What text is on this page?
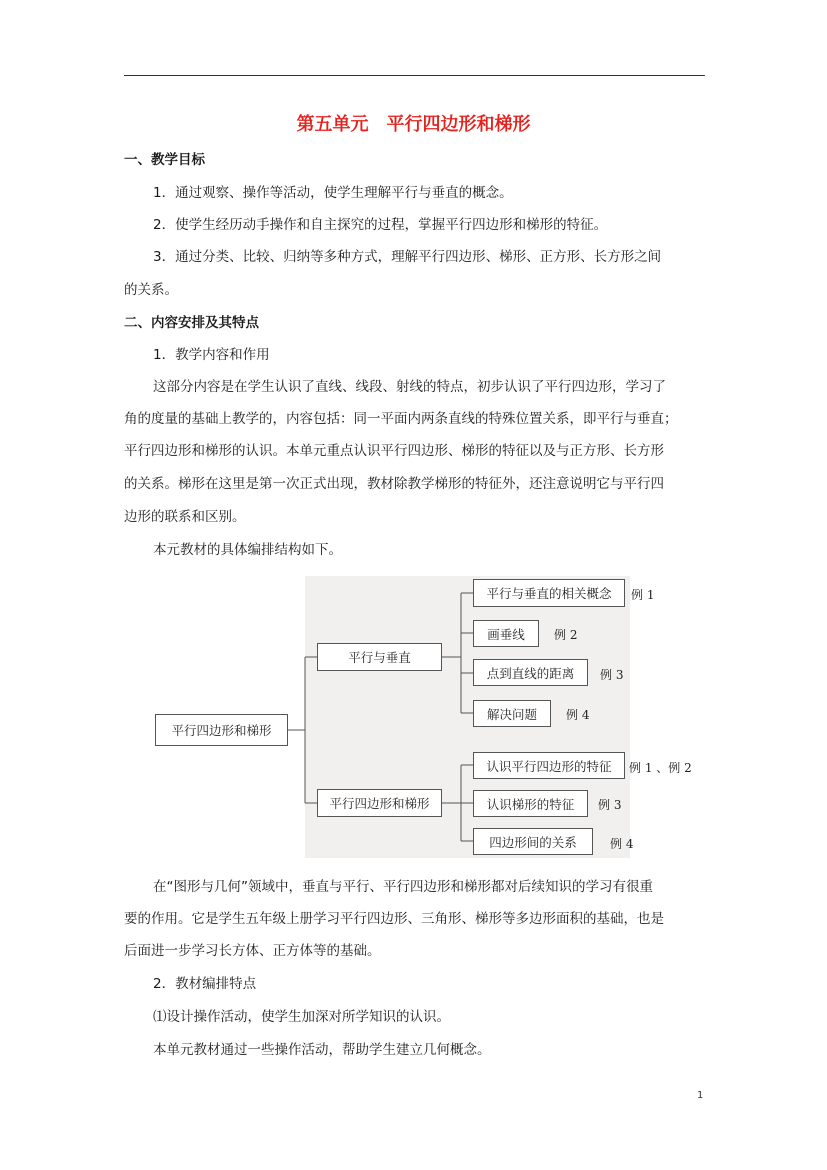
第五单元　平行四边形和梯形
一、教学目标
1．通过观察、操作等活动，使学生理解平行与垂直的概念。
2．使学生经历动手操作和自主探究的过程，掌握平行四边形和梯形的特征。
3．通过分类、比较、归纳等多种方式，理解平行四边形、梯形、正方形、长方形之间
的关系。
二、内容安排及其特点
1．教学内容和作用
这部分内容是在学生认识了直线、线段、射线的特点，初步认识了平行四边形，学习了
角的度量的基础上教学的，内容包括：同一平面内两条直线的特殊位置关系，即平行与垂直；
平行四边形和梯形的认识。本单元重点认识平行四边形、梯形的特征以及与正方形、长方形
的关系。梯形在这里是第一次正式出现，教材除教学梯形的特征外，还注意说明它与平行四
边形的联系和区别。
本元教材的具体编排结构如下。
平行四边形和梯形
平行与垂直
平行四边形和梯形
平行与垂直的相关概念	例 1
画垂线	例 2
点到直线的距离	例 3
解决问题	例 4
认识平行四边形的特征	例 1 、例 2
认识梯形的特征	例 3
四边形间的关系	例 4
在“图形与几何”领域中，垂直与平行、平行四边形和梯形都对后续知识的学习有很重
要的作用。它是学生五年级上册学习平行四边形、三角形、梯形等多边形面积的基础，也是
后面进一步学习长方体、正方体等的基础。
2．教材编排特点
⑴设计操作活动，使学生加深对所学知识的认识。
本单元教材通过一些操作活动，帮助学生建立几何概念。
1
